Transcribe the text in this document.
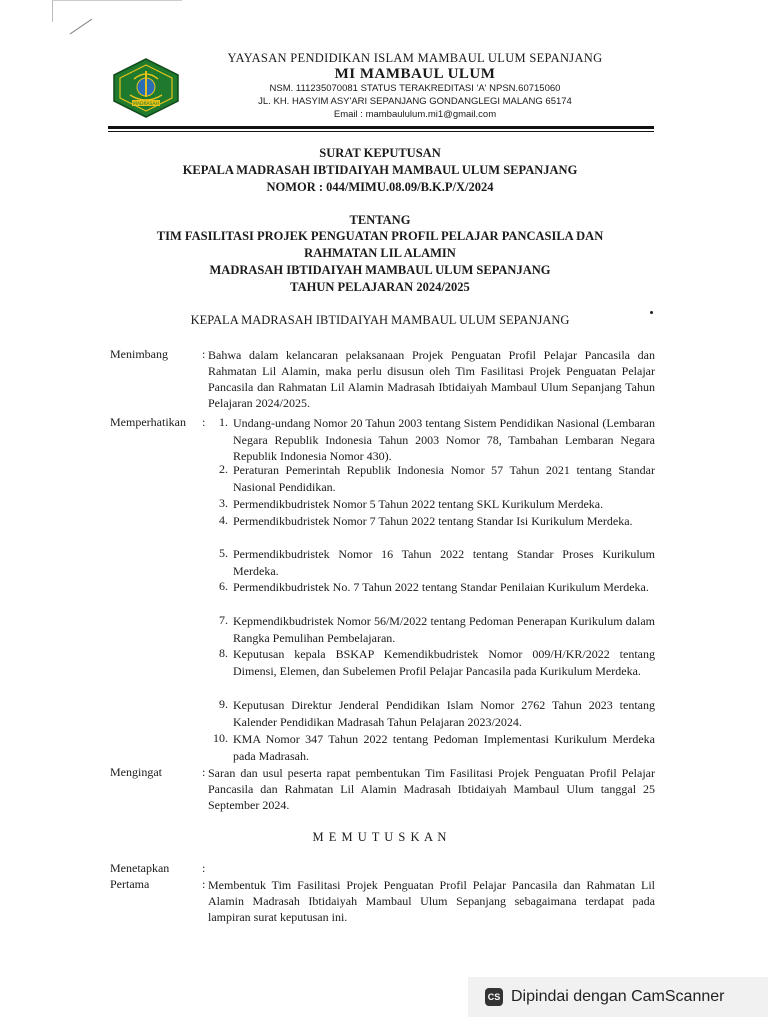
MADRASAH
YAYASAN PENDIDIKAN ISLAM MAMBAUL ULUM SEPANJANG
MI MAMBAUL ULUM
NSM. 111235070081 STATUS TERAKREDITASI 'A' NPSN.60715060
JL. KH. HASYIM ASY'ARI SEPANJANG GONDANGLEGI MALANG 65174
Email : mambaulul​um.mi1@gmail.com
SURAT KEPUTUSAN
KEPALA MADRASAH IBTIDAIYAH MAMBAUL ULUM SEPANJANG
NOMOR : 044/MIMU.08.09/B.K.P/X/2024
TENTANG
TIM FASILITASI PROJEK PENGUATAN PROFIL PELAJAR PANCASILA DAN
RAHMATAN LIL ALAMIN
MADRASAH IBTIDAIYAH MAMBAUL ULUM SEPANJANG
TAHUN PELAJARAN 2024/2025
KEPALA MADRASAH IBTIDAIYAH MAMBAUL ULUM SEPANJANG
Menimbang	: Bahwa dalam kelancaran pelaksanaan Projek Penguatan Profil Pelajar Pancasila dan Rahmatan Lil Alamin, maka perlu disusun oleh Tim Fasilitasi Projek Penguatan Pelajar Pancasila dan Rahmatan Lil Alamin Madrasah Ibtidaiyah Mambaul Ulum Sepanjang Tahun Pelajaran 2024/2025.
Memperhatikan :	1. Undang-undang Nomor 20 Tahun 2003 tentang Sistem Pendidikan Nasional (Lembaran Negara Republik Indonesia Tahun 2003 Nomor 78, Tambahan Lembaran Negara Republik Indonesia Nomor 430).
2. Peraturan Pemerintah Republik Indonesia Nomor 57 Tahun 2021 tentang Standar Nasional Pendidikan.
3. Permendikbudristek Nomor 5 Tahun 2022 tentang SKL Kurikulum Merdeka.
4. Permendikbudristek Nomor 7 Tahun 2022 tentang Standar Isi Kurikulum Merdeka.
5. Permendikbudristek Nomor 16 Tahun 2022 tentang Standar Proses Kurikulum Merdeka.
6. Permendikbudristek No. 7 Tahun 2022 tentang Standar Penilaian Kurikulum Merdeka.
7. Kepmendikbudristek Nomor 56/M/2022 tentang Pedoman Penerapan Kurikulum dalam Rangka Pemulihan Pembelajaran.
8. Keputusan kepala BSKAP Kemendikbudristek Nomor 009/H/KR/2022 tentang Dimensi, Elemen, dan Subelemen Profil Pelajar Pancasila pada Kurikulum Merdeka.
9. Keputusan Direktur Jenderal Pendidikan Islam Nomor 2762 Tahun 2023 tentang Kalender Pendidikan Madrasah Tahun Pelajaran 2023/2024.
10. KMA Nomor 347 Tahun 2022 tentang Pedoman Implementasi Kurikulum Merdeka pada Madrasah.
Mengingat	: Saran dan usul peserta rapat pembentukan Tim Fasilitasi Projek Penguatan Profil Pelajar Pancasila dan Rahmatan Lil Alamin Madrasah Ibtidaiyah Mambaul Ulum tanggal 25 September 2024.
M E M U T U S K A N
Menetapkan	:
Pertama	: Membentuk Tim Fasilitasi Projek Penguatan Profil Pelajar Pancasila dan Rahmatan Lil Alamin Madrasah Ibtidaiyah Mambaul Ulum Sepanjang sebagaimana terdapat pada lampiran surat keputusan ini.
CS Dipindai dengan CamScanner
